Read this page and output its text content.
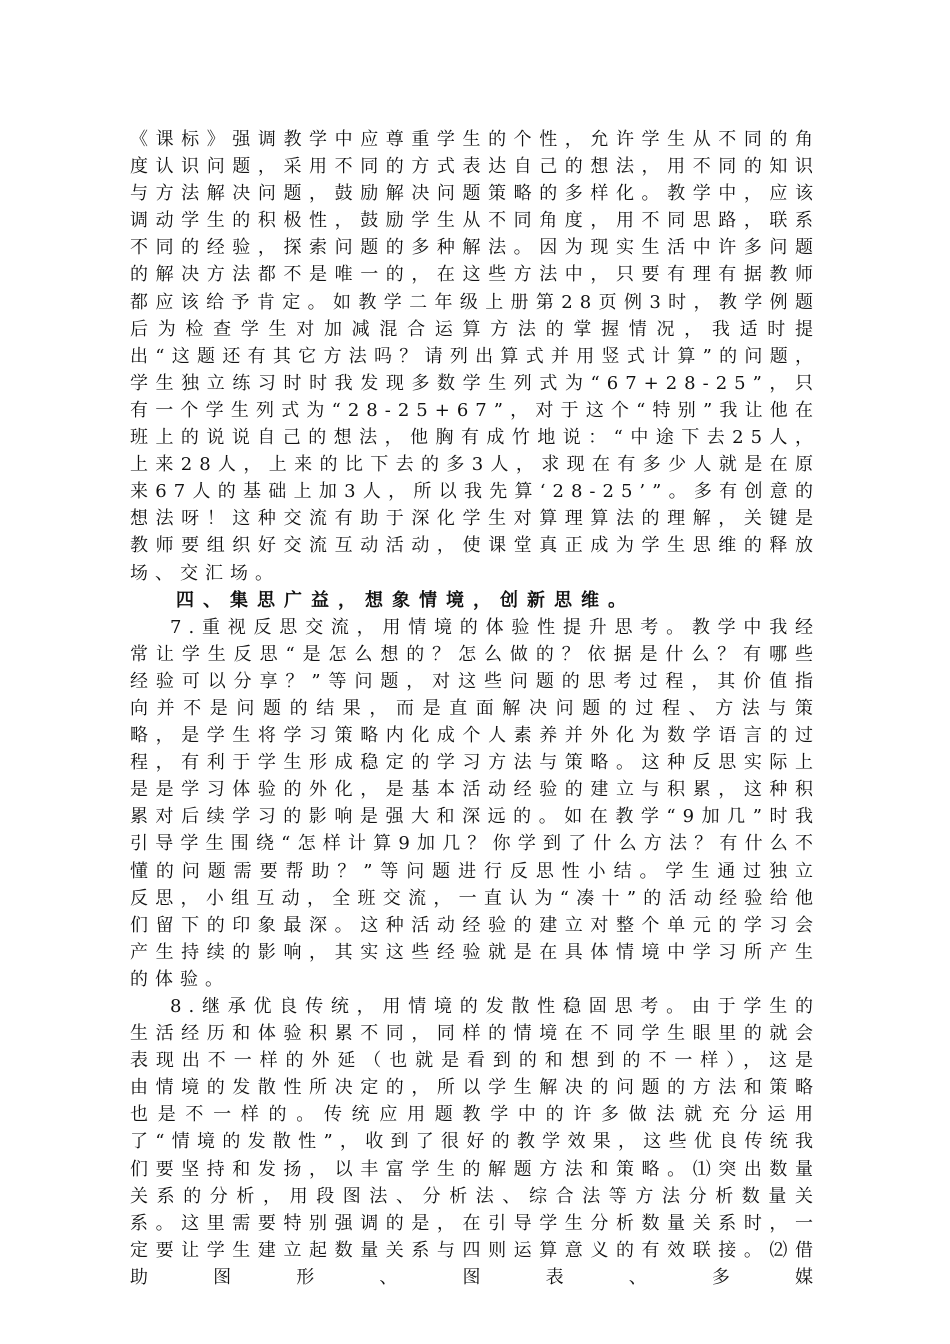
《课标》强调教学中应尊重学生的个性，允许学生从不同的角度认识问题，采用不同的方式表达自己的想法，用不同的知识与方法解决问题，鼓励解决问题策略的多样化。教学中，应该调动学生的积极性，鼓励学生从不同角度，用不同思路，联系不同的经验，探索问题的多种解法。因为现实生活中许多问题的解决方法都不是唯一的，在这些方法中，只要有理有据教师都应该给予肯定。如教学二年级上册第28页例3时，教学例题后为检查学生对加减混合运算方法的掌握情况，我适时提出“这题还有其它方法吗？请列出算式并用竖式计算”的问题，学生独立练习时时我发现多数学生列式为“67+28-25”，只有一个学生列式为“28-25+67”，对于这个“特别”我让他在班上的说说自己的想法，他胸有成竹地说：“中途下去25人，上来28人，上来的比下去的多3人，求现在有多少人就是在原来67人的基础上加3人，所以我先算‘28-25’”。多有创意的想法呀！这种交流有助于深化学生对算理算法的理解，关键是教师要组织好交流互动活动，使课堂真正成为学生思维的释放场、交汇场。

四、集思广益，想象情境，创新思维。

7.重视反思交流，用情境的体验性提升思考。教学中我经常让学生反思“是怎么想的？怎么做的？依据是什么？有哪些经验可以分享？”等问题，对这些问题的思考过程，其价值指向并不是问题的结果，而是直面解决问题的过程、方法与策略，是学生将学习策略内化成个人素养并外化为数学语言的过程，有利于学生形成稳定的学习方法与策略。这种反思实际上是是学习体验的外化，是基本活动经验的建立与积累，这种积累对后续学习的影响是强大和深远的。如在教学“9加几”时我引导学生围绕“怎样计算9加几？你学到了什么方法？有什么不懂的问题需要帮助？”等问题进行反思性小结。学生通过独立反思，小组互动，全班交流，一直认为“凑十”的活动经验给他们留下的印象最深。这种活动经验的建立对整个单元的学习会产生持续的影响，其实这些经验就是在具体情境中学习所产生的体验。

8.继承优良传统，用情境的发散性稳固思考。由于学生的生活经历和体验积累不同，同样的情境在不同学生眼里的就会表现出不一样的外延（也就是看到的和想到的不一样），这是由情境的发散性所决定的，所以学生解决的问题的方法和策略也是不一样的。传统应用题教学中的许多做法就充分运用了“情境的发散性”，收到了很好的教学效果，这些优良传统我们要坚持和发扬，以丰富学生的解题方法和策略。⑴突出数量关系的分析，用段图法、分析法、综合法等方法分析数量关系。这里需要特别强调的是，在引导学生分析数量关系时，一定要让学生建立起数量关系与四则运算意义的有效联接。⑵借助图形、图表、多媒
